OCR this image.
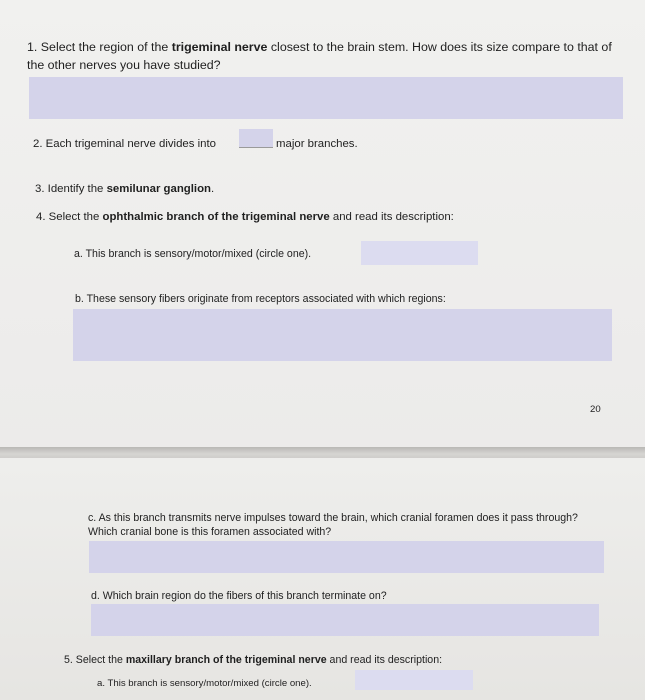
1. Select the region of the trigeminal nerve closest to the brain stem. How does its size compare to that of the other nerves you have studied?
2. Each trigeminal nerve divides into	major branches.
3. Identify the semilunar ganglion.
4. Select the ophthalmic branch of the trigeminal nerve and read its description:
a. This branch is sensory/motor/mixed (circle one).
b. These sensory fibers originate from receptors associated with which regions:
20
c. As this branch transmits nerve impulses toward the brain, which cranial foramen does it pass through? Which cranial bone is this foramen associated with?
d. Which brain region do the fibers of this branch terminate on?
5. Select the maxillary branch of the trigeminal nerve and read its description:
a. This branch is sensory/motor/mixed (circle one).
